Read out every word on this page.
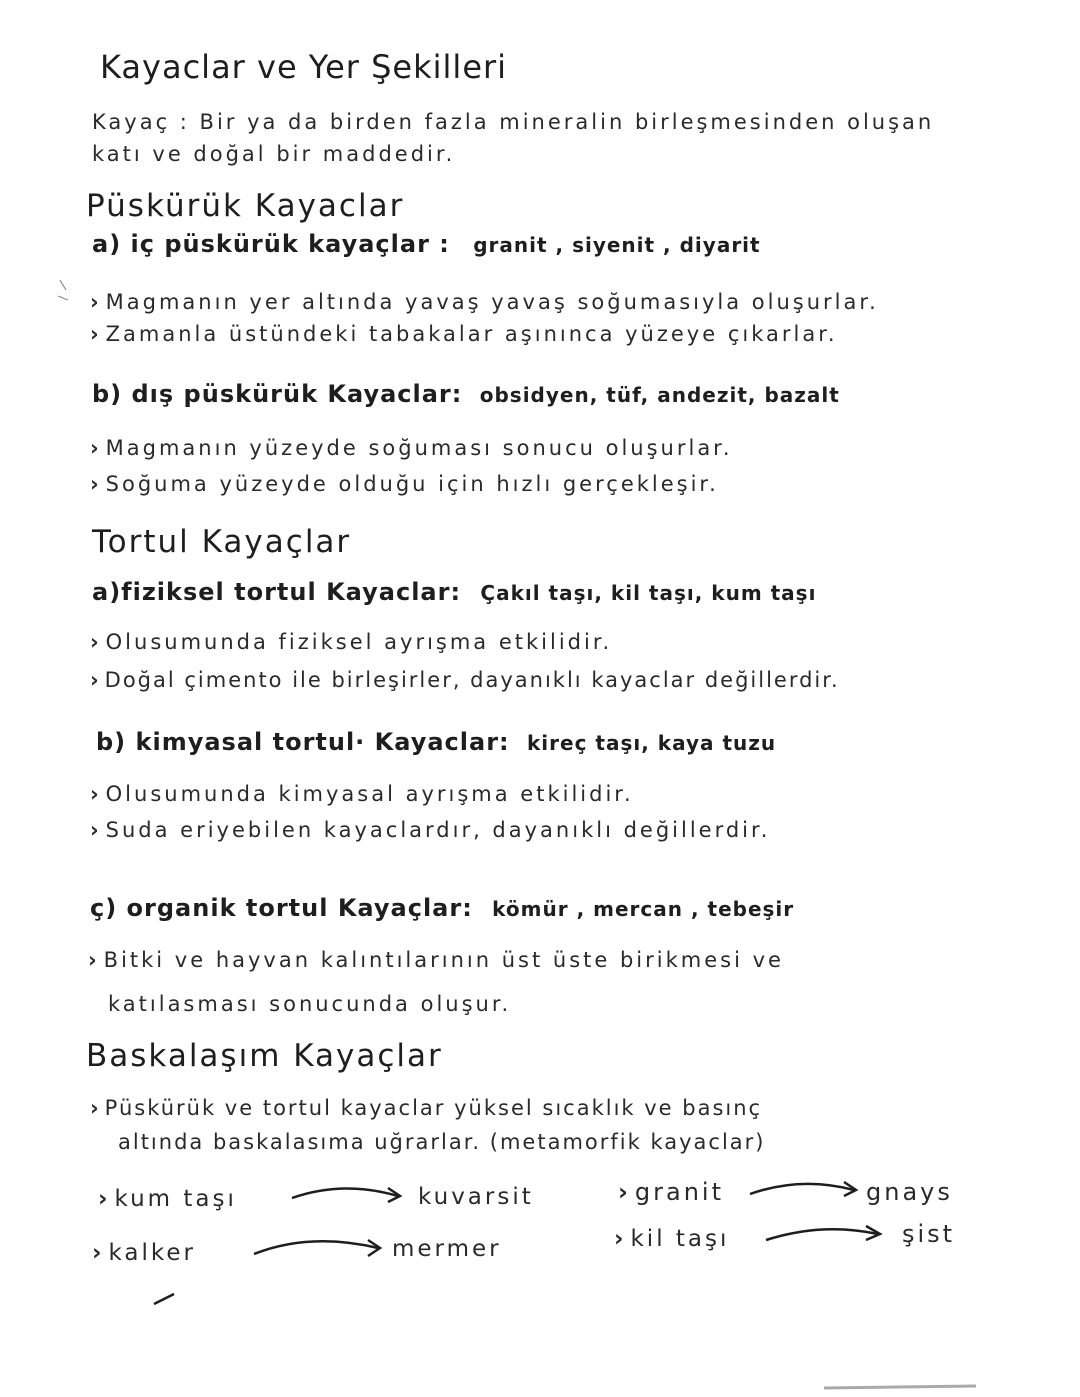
Kayaclar ve Yer Şekilleri
Kayaç : Bir ya da birden fazla mineralin birleşmesinden oluşan
katı ve doğal bir maddedir.
Püskürük Kayaclar
a) iç püskürük kayaçlar : granit , siyenit , diyarit
› Magmanın yer altında yavaş yavaş soğumasıyla oluşurlar.
› Zamanla üstündeki tabakalar aşınınca yüzeye çıkarlar.
b) dış püskürük Kayaclar: obsidyen, tüf, andezit, bazalt
› Magmanın yüzeyde soğuması sonucu oluşurlar.
› Soğuma yüzeyde olduğu için hızlı gerçekleşir.
Tortul Kayaçlar
a)fiziksel tortul Kayaclar: Çakıl taşı, kil taşı, kum taşı
› Olusumunda fiziksel ayrışma etkilidir.
› Doğal çimento ile birleşirler, dayanıklı kayaclar değillerdir.
b) kimyasal tortul· Kayaclar: kireç taşı, kaya tuzu
› Olusumunda kimyasal ayrışma etkilidir.
› Suda eriyebilen kayaclardır, dayanıklı değillerdir.
ç) organik tortul Kayaçlar: kömür , mercan , tebeşir
› Bitki ve hayvan kalıntılarının üst üste birikmesi ve
katılasması sonucunda oluşur.
Baskalaşım Kayaçlar
› Püskürük ve tortul kayaclar yüksel sıcaklık ve basınç
altında baskalasıma uğrarlar. (metamorfik kayaclar)
› kum taşı	kuvarsit
› kalker	mermer
› granit	gnays
› kil taşı	şist
